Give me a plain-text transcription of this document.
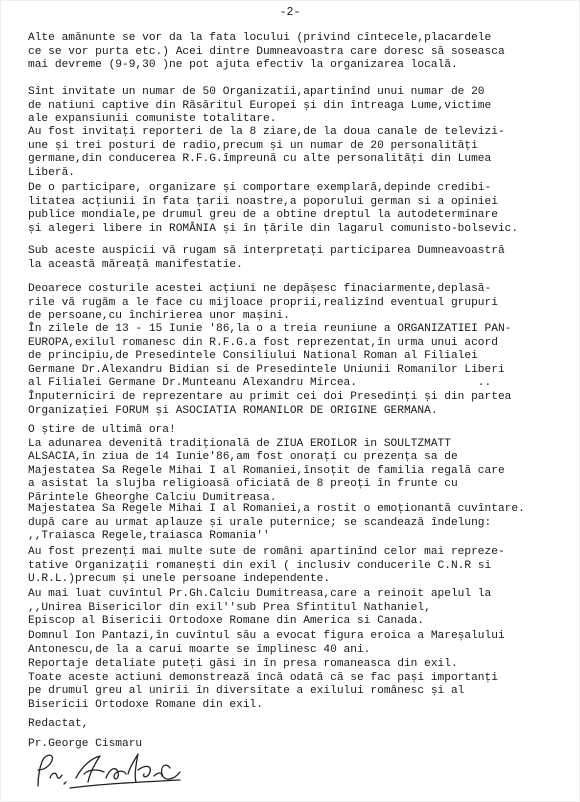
-2-

Alte amănunte se vor da la fata locului (privind cîntecele,placardele
ce se vor purta etc.) Acei dintre Dumneavoastra care doresc să soseasca
mai devreme (9-9,30 )ne pot ajuta efectiv la organizarea locală.

Sînt invitate un numar de 50 Organizatii,apartinînd unui numar de 20
de natiuni captive din Răsăritul Europei și din întreaga Lume,victime
ale expansiunii comuniste totalitare.

Au fost invitați reporteri de la 8 ziare,de la doua canale de televizi-
une și trei posturi de radio,precum și un numar de 20 personalități
germane,din conducerea R.F.G.împreună cu alte personalități din Lumea
Liberă.

De o participare, organizare și comportare exemplară,depinde credibi-
litatea acțiunii în fata țarii noastre,a poporului german si a opiniei
publice mondiale,pe drumul greu de a obtine dreptul la autodeterminare
și alegeri libere in ROMÂNIA și în țările din lagarul comunisto-bolsevic.

Sub aceste auspicii vă rugam să interpretați participarea Dumneavoastră
la această măreață manifestatie.

Deoarece costurile acestei acțiuni ne depășesc finaciarmente,deplasă-
rile vă rugăm a le face cu mijloace proprii,realizînd eventual grupuri
de persoane,cu închirierea unor mașini.

În zilele de 13 - 15 Iunie '86,la o a treia reuniune a ORGANIZATIEI PAN-
EUROPA,exilul romanesc din R.F.G.a fost reprezentat,în urma unui acord
de principiu,de Presedintele Consiliului National Roman al Filialei
Germane Dr.Alexandru Bidian si de Presedintele Uniunii Romanilor Liberi
al Filialei Germane Dr.Munteanu Alexandru Mircea.                  ..
Înputerniciri de reprezentare au primit cei doi Presedinți și din partea
Organizației FORUM și ASOCIATIA ROMANILOR DE ORIGINE GERMANA.

O știre de ultimă ora!
La adunarea devenită tradițională de ZIUA EROILOR in SOULTZMATT
ALSACIA,în ziua de 14 Iunie'86,am fost onorați cu prezența sa de
Majestatea Sa Regele Mihai I al Romaniei,însoțit de familia regală care
a asistat la slujba religioasă oficiată de 8 preoți în frunte cu
Părintele Gheorghe Calciu Dumitreasa.

Majestatea Sa Regele Mihai I al Romaniei,a rostit o emoționantă cuvîntare.
după care au urmat aplauze și urale puternice; se scandează îndelung:
,,Traiasca Regele,traiasca Romania''

Au fost prezenți mai multe sute de români apartinînd celor mai repreze-
tative Organizații romanești din exil ( inclusiv conducerile C.N.R si
U.R.L.)precum și unele persoane independente.

Au mai luat cuvîntul Pr.Gh.Calciu Dumitreasa,care a reinoit apelul la
,,Unirea Bisericilor din exil''sub Prea Sfintitul Nathaniel,
Episcop al Bisericii Ortodoxe Romane din America si Canada.

Domnul Ion Pantazi,în cuvîntul său a evocat figura eroica a Mareșalului
Antonescu,de la a carui moarte se împlinesc 40 ani.

Reportaje detaliate puteți găsi in în presa romaneasca din exil.
Toate aceste actiuni demonstrează încă odată că se fac pași importanți
pe drumul greu al unirii în diversitate a exilului românesc și al
Bisericii Ortodoxe Romane din exil.

Redactat,

Pr.George Cismaru
